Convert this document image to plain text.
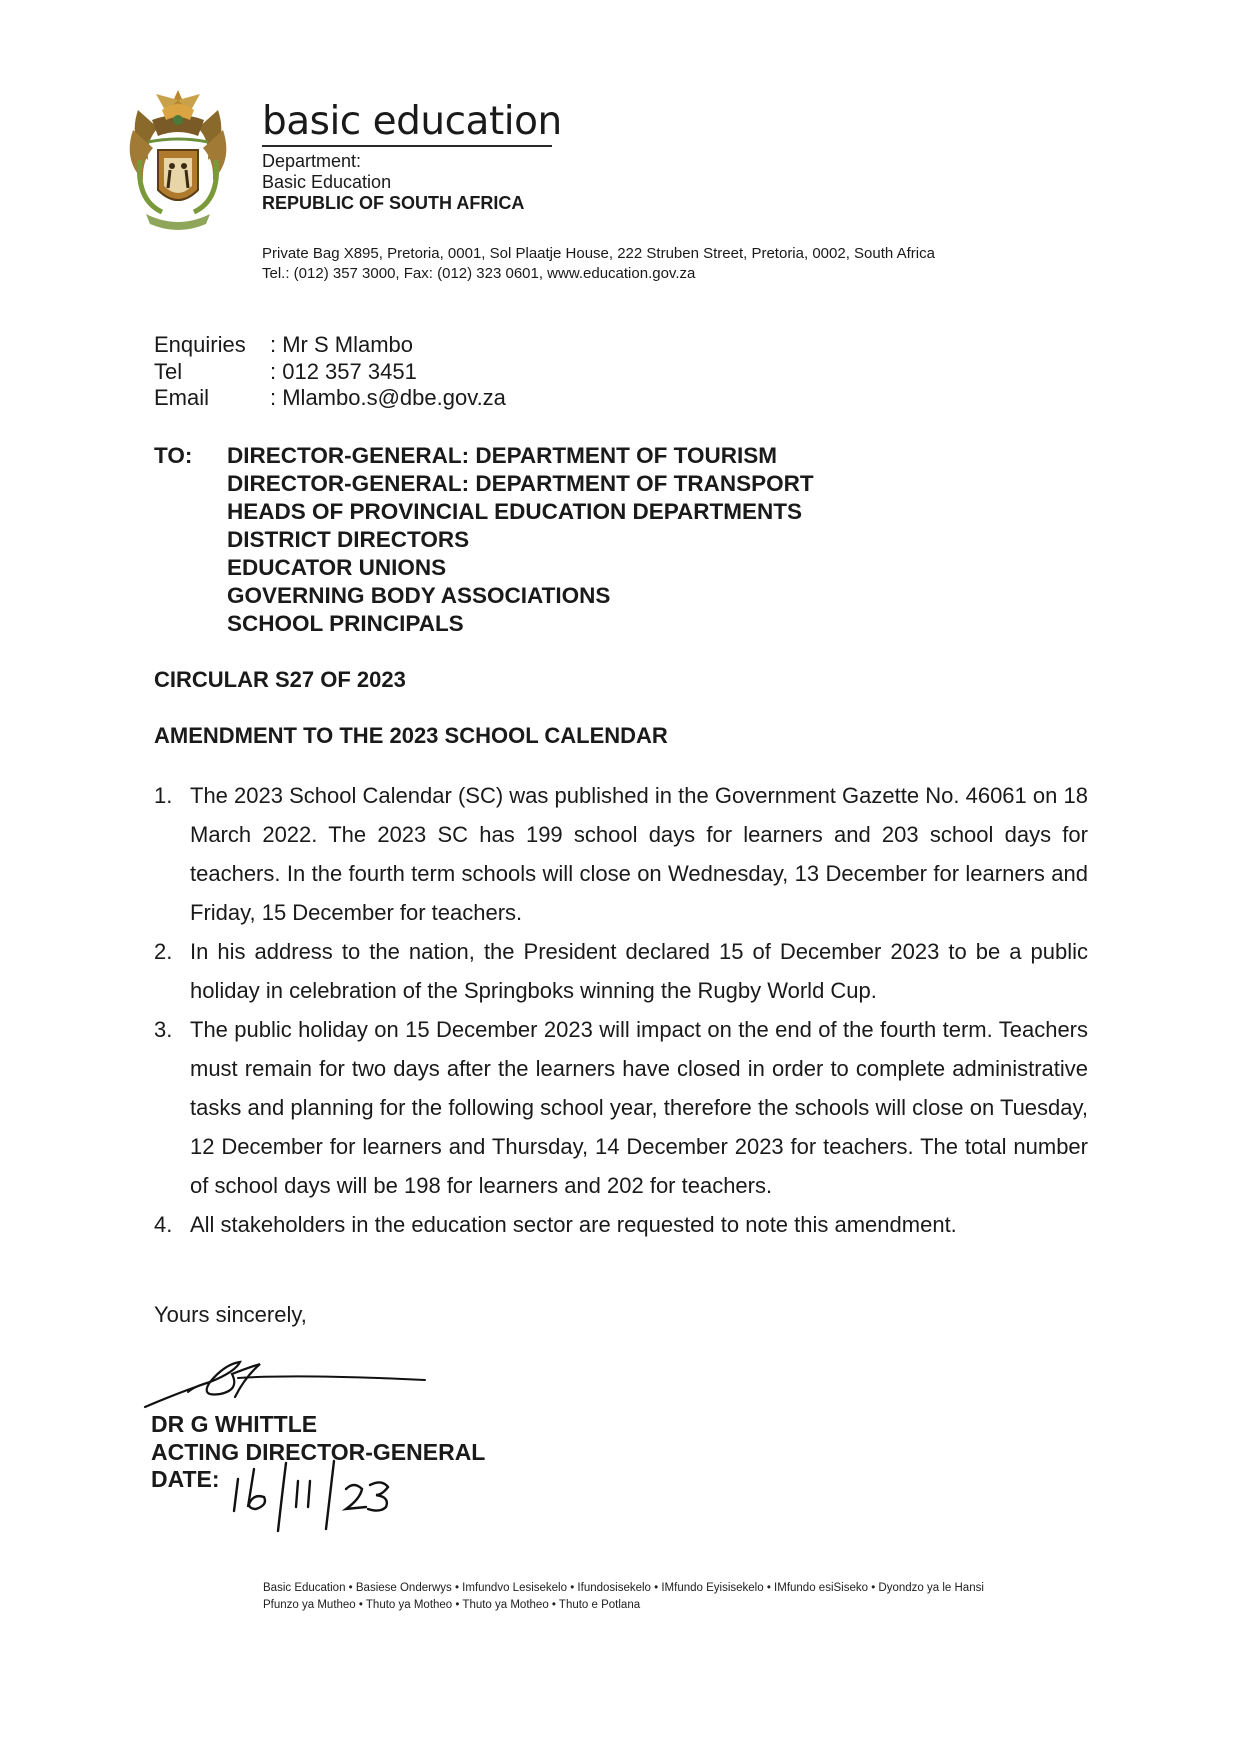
basic education
Department:
Basic Education
REPUBLIC OF SOUTH AFRICA
Private Bag X895, Pretoria, 0001, Sol Plaatje House, 222 Struben Street, Pretoria, 0002, South Africa
Tel.: (012) 357 3000, Fax: (012) 323 0601, www.education.gov.za
Enquiries	: Mr S Mlambo
Tel	: 012 357 3451
Email	: Mlambo.s@dbe.gov.za
TO: DIRECTOR-GENERAL: DEPARTMENT OF TOURISM
DIRECTOR-GENERAL: DEPARTMENT OF TRANSPORT
HEADS OF PROVINCIAL EDUCATION DEPARTMENTS
DISTRICT DIRECTORS
EDUCATOR UNIONS
GOVERNING BODY ASSOCIATIONS
SCHOOL PRINCIPALS
CIRCULAR S27 OF 2023
AMENDMENT TO THE 2023 SCHOOL CALENDAR
1. The 2023 School Calendar (SC) was published in the Government Gazette No. 46061 on 18 March 2022. The 2023 SC has 199 school days for learners and 203 school days for teachers. In the fourth term schools will close on Wednesday, 13 December for learners and Friday, 15 December for teachers.
2. In his address to the nation, the President declared 15 of December 2023 to be a public holiday in celebration of the Springboks winning the Rugby World Cup.
3. The public holiday on 15 December 2023 will impact on the end of the fourth term. Teachers must remain for two days after the learners have closed in order to complete administrative tasks and planning for the following school year, therefore the schools will close on Tuesday, 12 December for learners and Thursday, 14 December 2023 for teachers. The total number of school days will be 198 for learners and 202 for teachers.
4. All stakeholders in the education sector are requested to note this amendment.
Yours sincerely,
DR G WHITTLE
ACTING DIRECTOR-GENERAL
DATE:
Basic Education • Basiese Onderwys • Imfundvo Lesisekelo • Ifundosisekelo • IMfundo Eyisisekelo • IMfundo esiSiseko • Dyondzo ya le Hansi
Pfunzo ya Mutheo • Thuto ya Motheo • Thuto ya Motheo • Thuto e Potlana
